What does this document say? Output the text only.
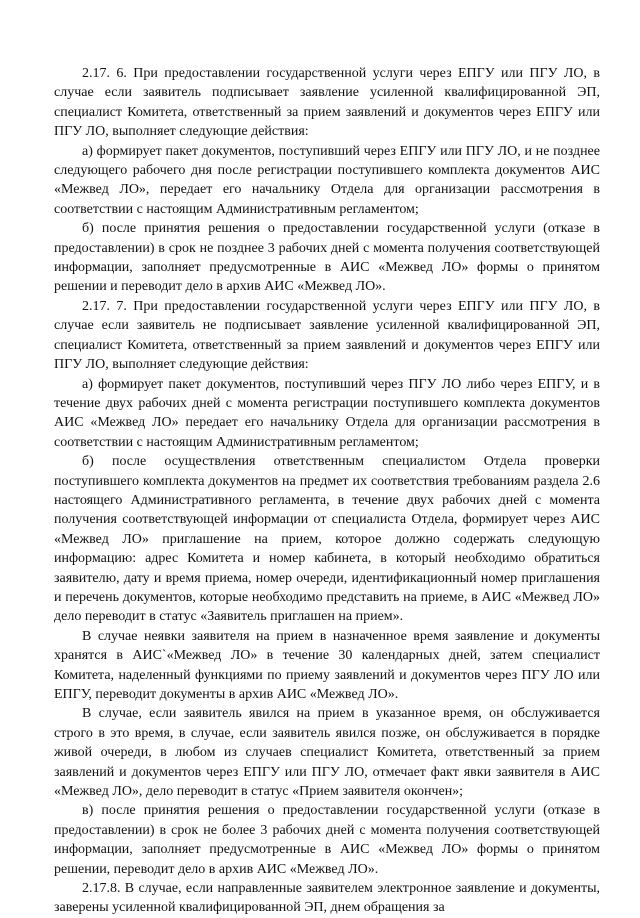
2.17. 6. При предоставлении государственной услуги через ЕПГУ или ПГУ ЛО, в случае если заявитель подписывает заявление усиленной квалифицированной ЭП, специалист Комитета, ответственный за прием заявлений и документов через ЕПГУ или ПГУ ЛО, выполняет следующие действия:

а) формирует пакет документов, поступивший через ЕПГУ или ПГУ ЛО, и не позднее следующего рабочего дня после регистрации поступившего комплекта документов АИС «Межвед ЛО», передает его начальнику Отдела для организации рассмотрения в соответствии с настоящим Административным регламентом;

б) после принятия решения о предоставлении государственной услуги (отказе в предоставлении) в срок не позднее 3 рабочих дней с момента получения соответствующей информации, заполняет предусмотренные в АИС «Межвед ЛО» формы о принятом решении и переводит дело в архив АИС «Межвед ЛО».

2.17. 7. При предоставлении государственной услуги через ЕПГУ или ПГУ ЛО, в случае если заявитель не подписывает заявление усиленной квалифицированной ЭП, специалист Комитета, ответственный за прием заявлений и документов через ЕПГУ или ПГУ ЛО, выполняет следующие действия:

а) формирует пакет документов, поступивший через ПГУ ЛО либо через ЕПГУ, и в течение двух рабочих дней с момента регистрации поступившего комплекта документов АИС «Межвед ЛО» передает его начальнику Отдела для организации рассмотрения в соответствии с настоящим Административным регламентом;

б) после осуществления ответственным специалистом Отдела проверки поступившего комплекта документов на предмет их соответствия требованиям раздела 2.6 настоящего Административного регламента, в течение двух рабочих дней с момента получения соответствующей информации от специалиста Отдела, формирует через АИС «Межвед ЛО» приглашение на прием, которое должно содержать следующую информацию: адрес Комитета и номер кабинета, в который необходимо обратиться заявителю, дату и время приема, номер очереди, идентификационный номер приглашения и перечень документов, которые необходимо представить на приеме, в АИС «Межвед ЛО» дело переводит в статус «Заявитель приглашен на прием».

В случае неявки заявителя на прием в назначенное время заявление и документы хранятся в АИС`«Межвед ЛО» в течение 30 календарных дней, затем специалист Комитета, наделенный функциями по приему заявлений и документов через ПГУ ЛО или ЕПГУ, переводит документы в архив АИС «Межвед ЛО».

В случае, если заявитель явился на прием в указанное время, он обслуживается строго в это время, в случае, если заявитель явился позже, он обслуживается в порядке живой очереди, в любом из случаев специалист Комитета, ответственный за прием заявлений и документов через ЕПГУ или ПГУ ЛО, отмечает факт явки заявителя в АИС «Межвед ЛО», дело переводит в статус «Прием заявителя окончен»;

в) после принятия решения о предоставлении государственной услуги (отказе в предоставлении) в срок не более 3 рабочих дней с момента получения соответствующей информации, заполняет предусмотренные в АИС «Межвед ЛО» формы о принятом решении, переводит дело в архив АИС «Межвед ЛО».

2.17.8. В случае, если направленные заявителем электронное заявление и документы, заверены усиленной квалифицированной ЭП, днем обращения за
